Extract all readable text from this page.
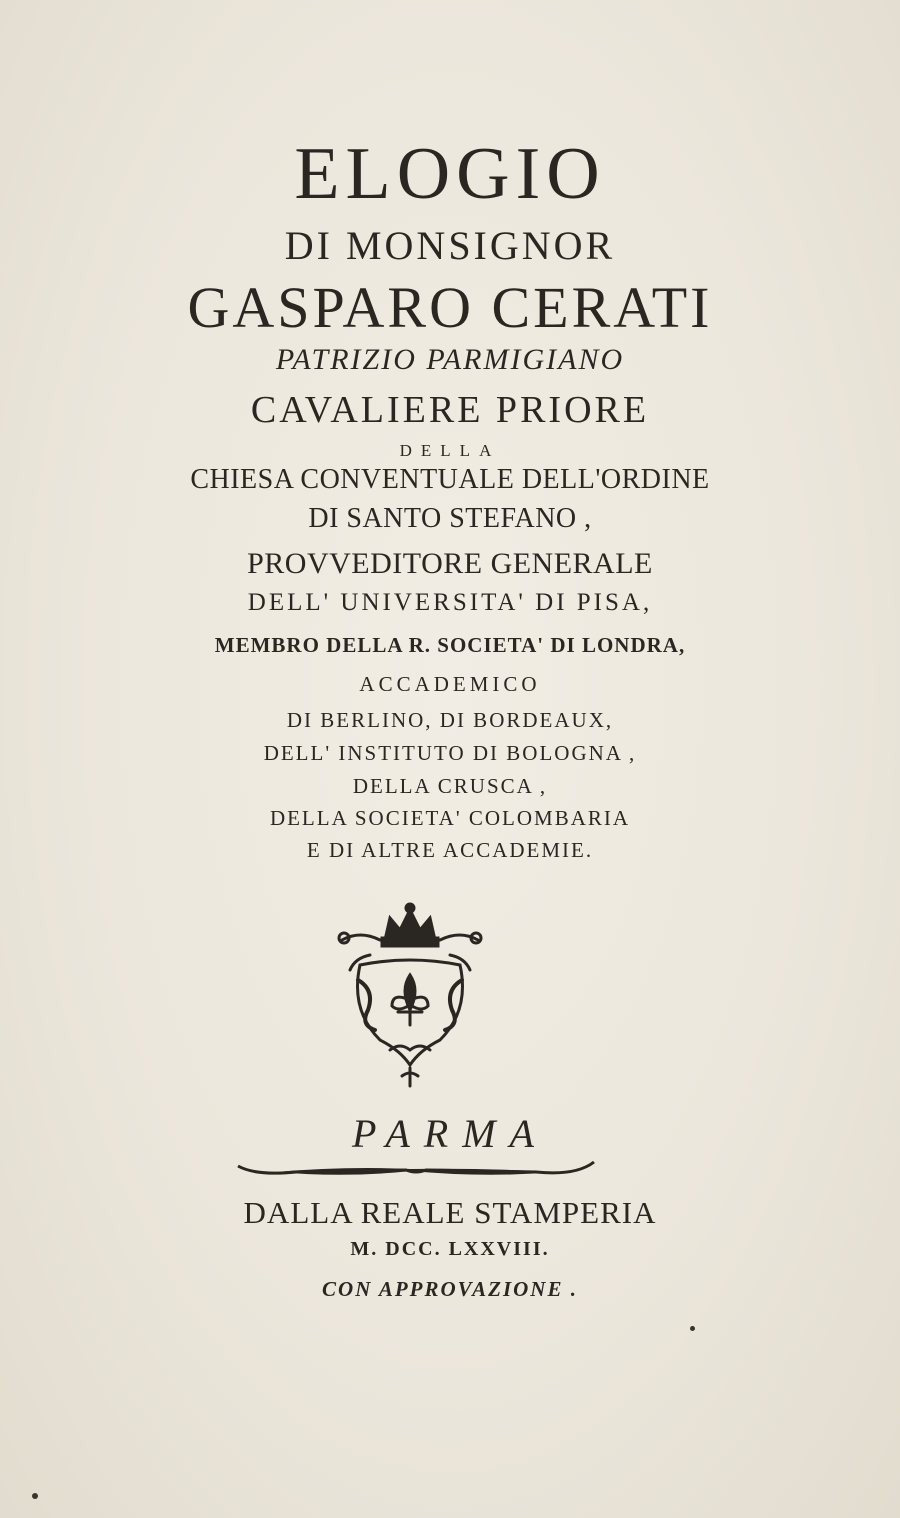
ELOGIO
DI MONSIGNOR
GASPARO CERATI
PATRIZIO PARMIGIANO
CAVALIERE PRIORE
DELLA
CHIESA CONVENTUALE DELL'ORDINE
DI SANTO STEFANO ,
PROVVEDITORE GENERALE
DELL' UNIVERSITA' DI PISA,
MEMBRO DELLA R. SOCIETA' DI LONDRA,
ACCADEMICO
DI BERLINO, DI BORDEAUX,
DELL' INSTITUTO DI BOLOGNA ,
DELLA CRUSCA ,
DELLA SOCIETA' COLOMBARIA
E DI ALTRE ACCADEMIE.
PARMA
DALLA REALE STAMPERIA
M. DCC. LXXVIII.
CON APPROVAZIONE .
